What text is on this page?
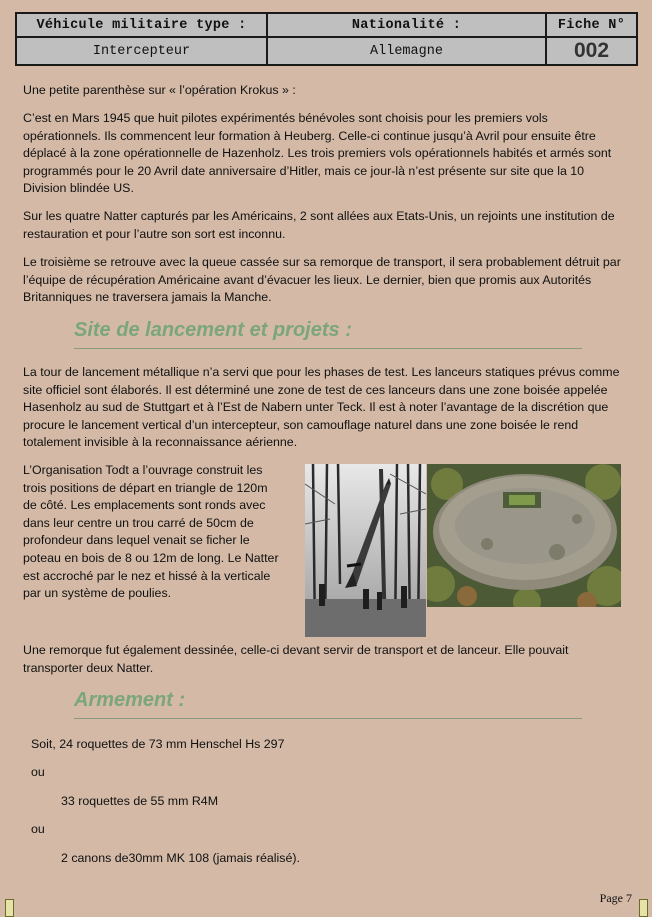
Véhicule militaire type :	Nationalité :	Fiche N°
Intercepteur	Allemagne	002

Une petite parenthèse sur « l’opération Krokus » :

C’est en Mars 1945 que huit pilotes expérimentés bénévoles sont choisis pour les premiers vols opérationnels. Ils commencent leur formation à Heuberg. Celle-ci continue jusqu’à Avril pour ensuite être déplacé à la zone opérationnelle de Hazenholz. Les trois premiers vols opérationnels habités et armés sont programmés pour le 20 Avril date anniversaire d’Hitler, mais ce jour-là n’est présente sur site que la 10 Division blindée US.

Sur les quatre Natter capturés par les Américains, 2 sont allées aux Etats-Unis, un rejoints une institution de restauration et pour l’autre son sort est inconnu.

Le troisième se retrouve avec la queue cassée sur sa remorque de transport, il sera probablement détruit par l’équipe de récupération Américaine avant d’évacuer les lieux. Le dernier, bien que promis aux Autorités Britanniques ne traversera jamais la Manche.

Site de lancement et projets :

La tour de lancement métallique n’a servi que pour les phases de test. Les lanceurs statiques prévus comme site officiel sont élaborés. Il est déterminé une zone de test de ces lanceurs dans une zone boisée appelée Hasenholz au sud de Stuttgart et à l’Est de Nabern unter Teck. Il est à noter l’avantage de la discrétion que procure le lancement vertical d’un intercepteur, son camouflage naturel dans une zone boisée le rend totalement invisible à la reconnaissance aérienne.

L’Organisation Todt a l’ouvrage construit les
trois positions de départ en triangle de 120m
de côté. Les emplacements sont ronds avec
dans leur centre un trou carré de 50cm de
profondeur dans lequel venait se ficher le
poteau en bois de 8 ou 12m de long. Le Natter
est accroché par le nez et hissé à la verticale
par un système de poulies.

Une remorque fut également dessinée, celle-ci devant servir de transport et de lanceur. Elle pouvait transporter deux Natter.

Armement :
Soit, 24 roquettes de 73 mm Henschel Hs 297
ou
33 roquettes de 55 mm R4M
ou
2 canons de30mm MK 108 (jamais réalisé).
Page 7
